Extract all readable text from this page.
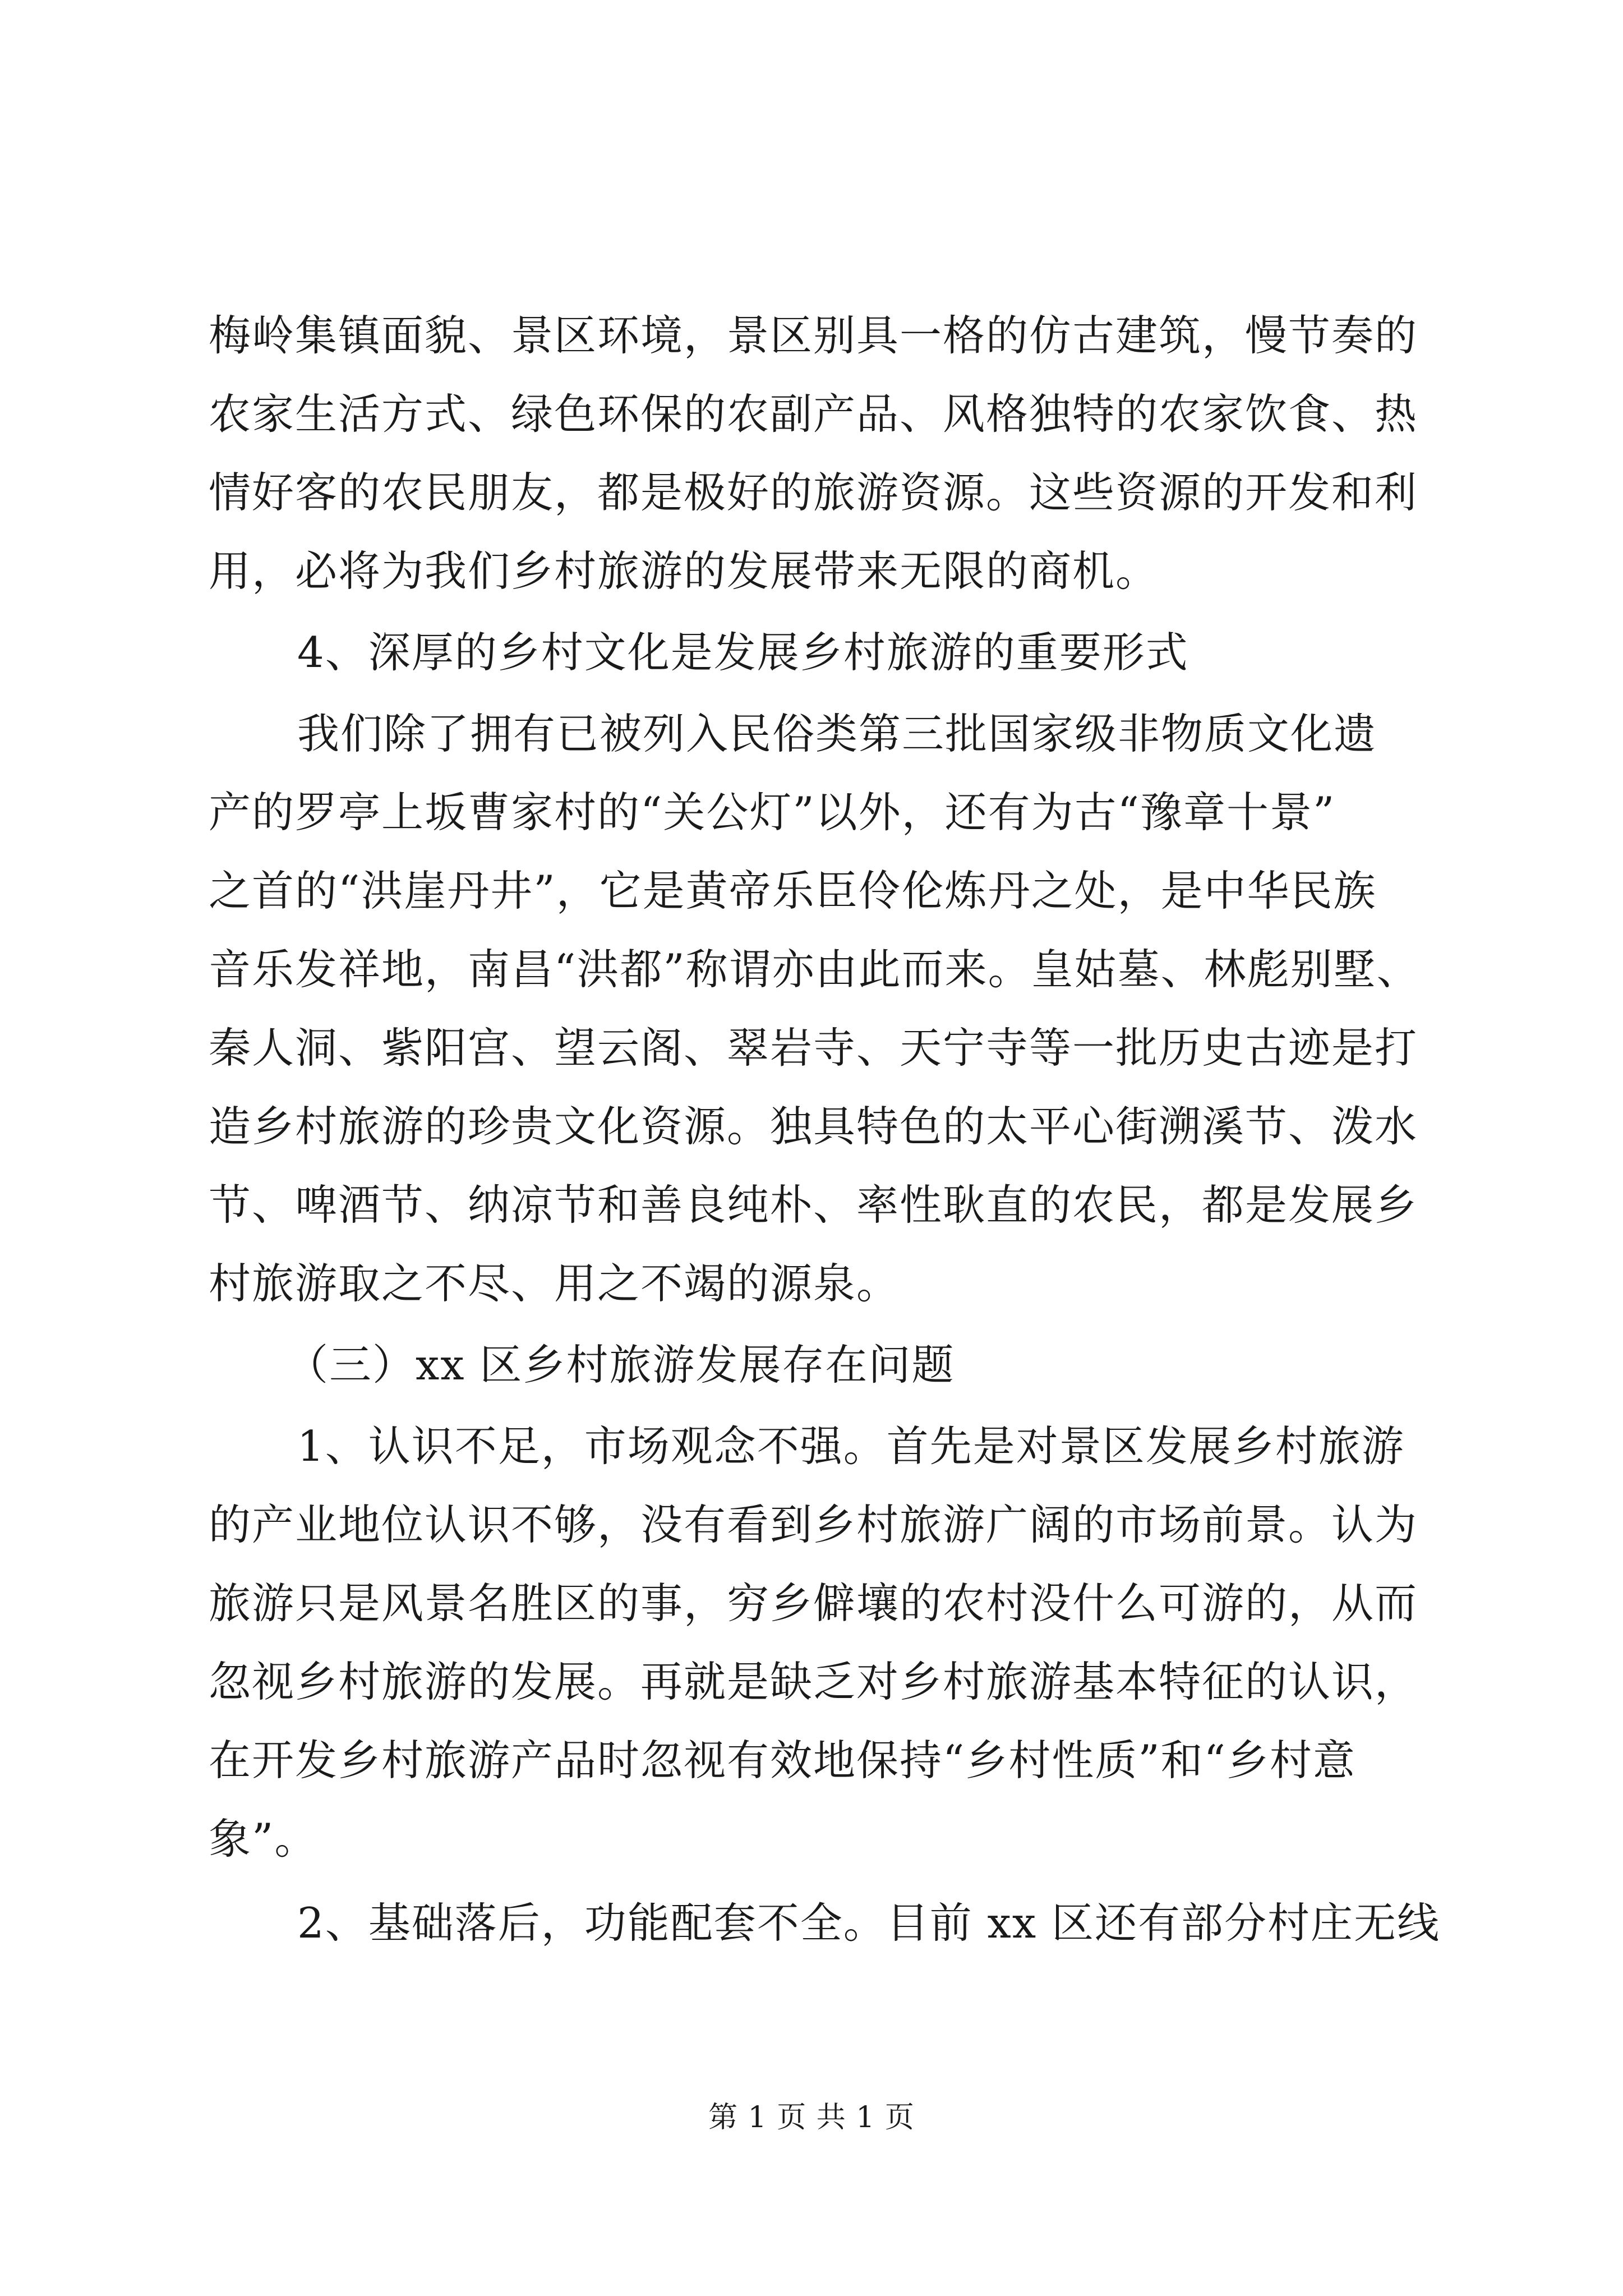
梅岭集镇面貌、景区环境，景区别具一格的仿古建筑，慢节奏的
农家生活方式、绿色环保的农副产品、风格独特的农家饮食、热
情好客的农民朋友，都是极好的旅游资源。这些资源的开发和利
用，必将为我们乡村旅游的发展带来无限的商机。
4、深厚的乡村文化是发展乡村旅游的重要形式
我们除了拥有已被列入民俗类第三批国家级非物质文化遗
产的罗亭上坂曹家村的“关公灯”以外，还有为古“豫章十景”
之首的“洪崖丹井”，它是黄帝乐臣伶伦炼丹之处，是中华民族
音乐发祥地，南昌“洪都”称谓亦由此而来。皇姑墓、林彪别墅、
秦人洞、紫阳宫、望云阁、翠岩寺、天宁寺等一批历史古迹是打
造乡村旅游的珍贵文化资源。独具特色的太平心街溯溪节、泼水
节、啤酒节、纳凉节和善良纯朴、率性耿直的农民，都是发展乡
村旅游取之不尽、用之不竭的源泉。
（三）xx 区乡村旅游发展存在问题
1、认识不足，市场观念不强。首先是对景区发展乡村旅游
的产业地位认识不够，没有看到乡村旅游广阔的市场前景。认为
旅游只是风景名胜区的事，穷乡僻壤的农村没什么可游的，从而
忽视乡村旅游的发展。再就是缺乏对乡村旅游基本特征的认识，
在开发乡村旅游产品时忽视有效地保持“乡村性质”和“乡村意
象”。
2、基础落后，功能配套不全。目前 xx 区还有部分村庄无线
第 1 页 共 1 页
